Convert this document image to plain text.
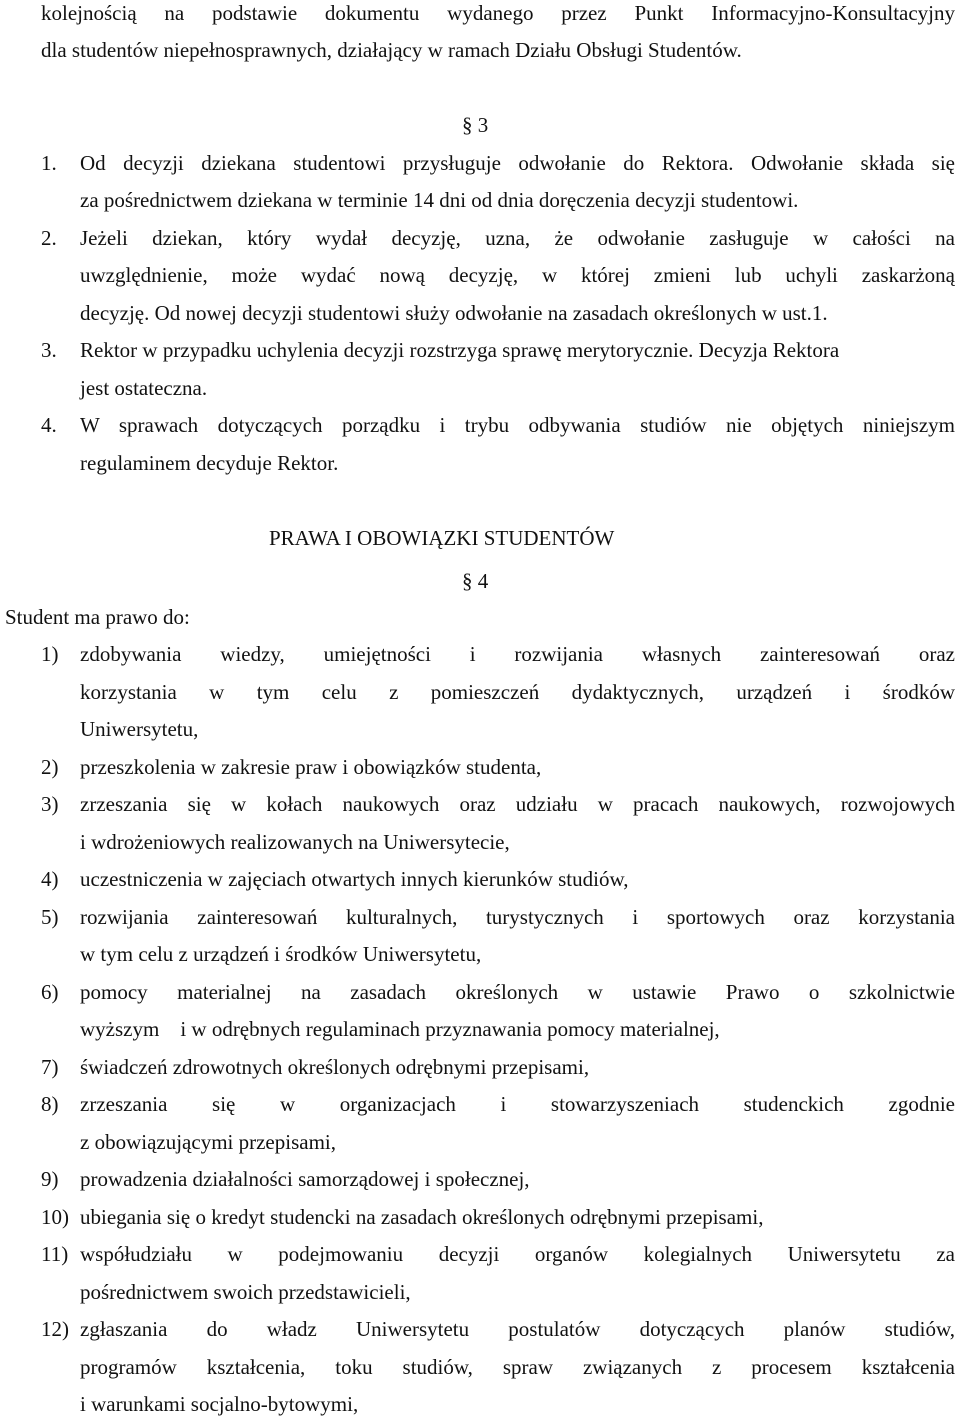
kolejnością na podstawie dokumentu wydanego przez Punkt Informacyjno-Konsultacyjny
dla studentów niepełnosprawnych, działający w ramach Działu Obsługi Studentów.
§ 3
1. Od decyzji dziekana studentowi przysługuje odwołanie do Rektora. Odwołanie składa się
za pośrednictwem dziekana w terminie 14 dni od dnia doręczenia decyzji studentowi.
2. Jeżeli dziekan, który wydał decyzję, uzna, że odwołanie zasługuje w całości na
uwzględnienie, może wydać nową decyzję, w której zmieni lub uchyli zaskarżoną
decyzję. Od nowej decyzji studentowi służy odwołanie na zasadach określonych w ust.1.
3. Rektor w przypadku uchylenia decyzji rozstrzyga sprawę merytorycznie. Decyzja Rektora
jest ostateczna.
4. W sprawach dotyczących porządku i trybu odbywania studiów nie objętych niniejszym
regulaminem decyduje Rektor.
PRAWA I OBOWIĄZKI STUDENTÓW
§ 4
Student ma prawo do:
1) zdobywania wiedzy, umiejętności i rozwijania własnych zainteresowań oraz
korzystania w tym celu z pomieszczeń dydaktycznych, urządzeń i środków
Uniwersytetu,
2) przeszkolenia w zakresie praw i obowiązków studenta,
3) zrzeszania się w kołach naukowych oraz udziału w pracach naukowych, rozwojowych
i wdrożeniowych realizowanych na Uniwersytecie,
4) uczestniczenia w zajęciach otwartych innych kierunków studiów,
5) rozwijania zainteresowań kulturalnych, turystycznych i sportowych oraz korzystania
w tym celu z urządzeń i środków Uniwersytetu,
6) pomocy materialnej na zasadach określonych w ustawie Prawo o szkolnictwie
wyższym    i w odrębnych regulaminach przyznawania pomocy materialnej,
7) świadczeń zdrowotnych określonych odrębnymi przepisami,
8) zrzeszania się w organizacjach i stowarzyszeniach studenckich zgodnie
z obowiązującymi przepisami,
9) prowadzenia działalności samorządowej i społecznej,
10) ubiegania się o kredyt studencki na zasadach określonych odrębnymi przepisami,
11) współudziału w podejmowaniu decyzji organów kolegialnych Uniwersytetu za
pośrednictwem swoich przedstawicieli,
12) zgłaszania do władz Uniwersytetu postulatów dotyczących planów studiów,
programów kształcenia, toku studiów, spraw związanych z procesem kształcenia
i warunkami socjalno-bytowymi,
